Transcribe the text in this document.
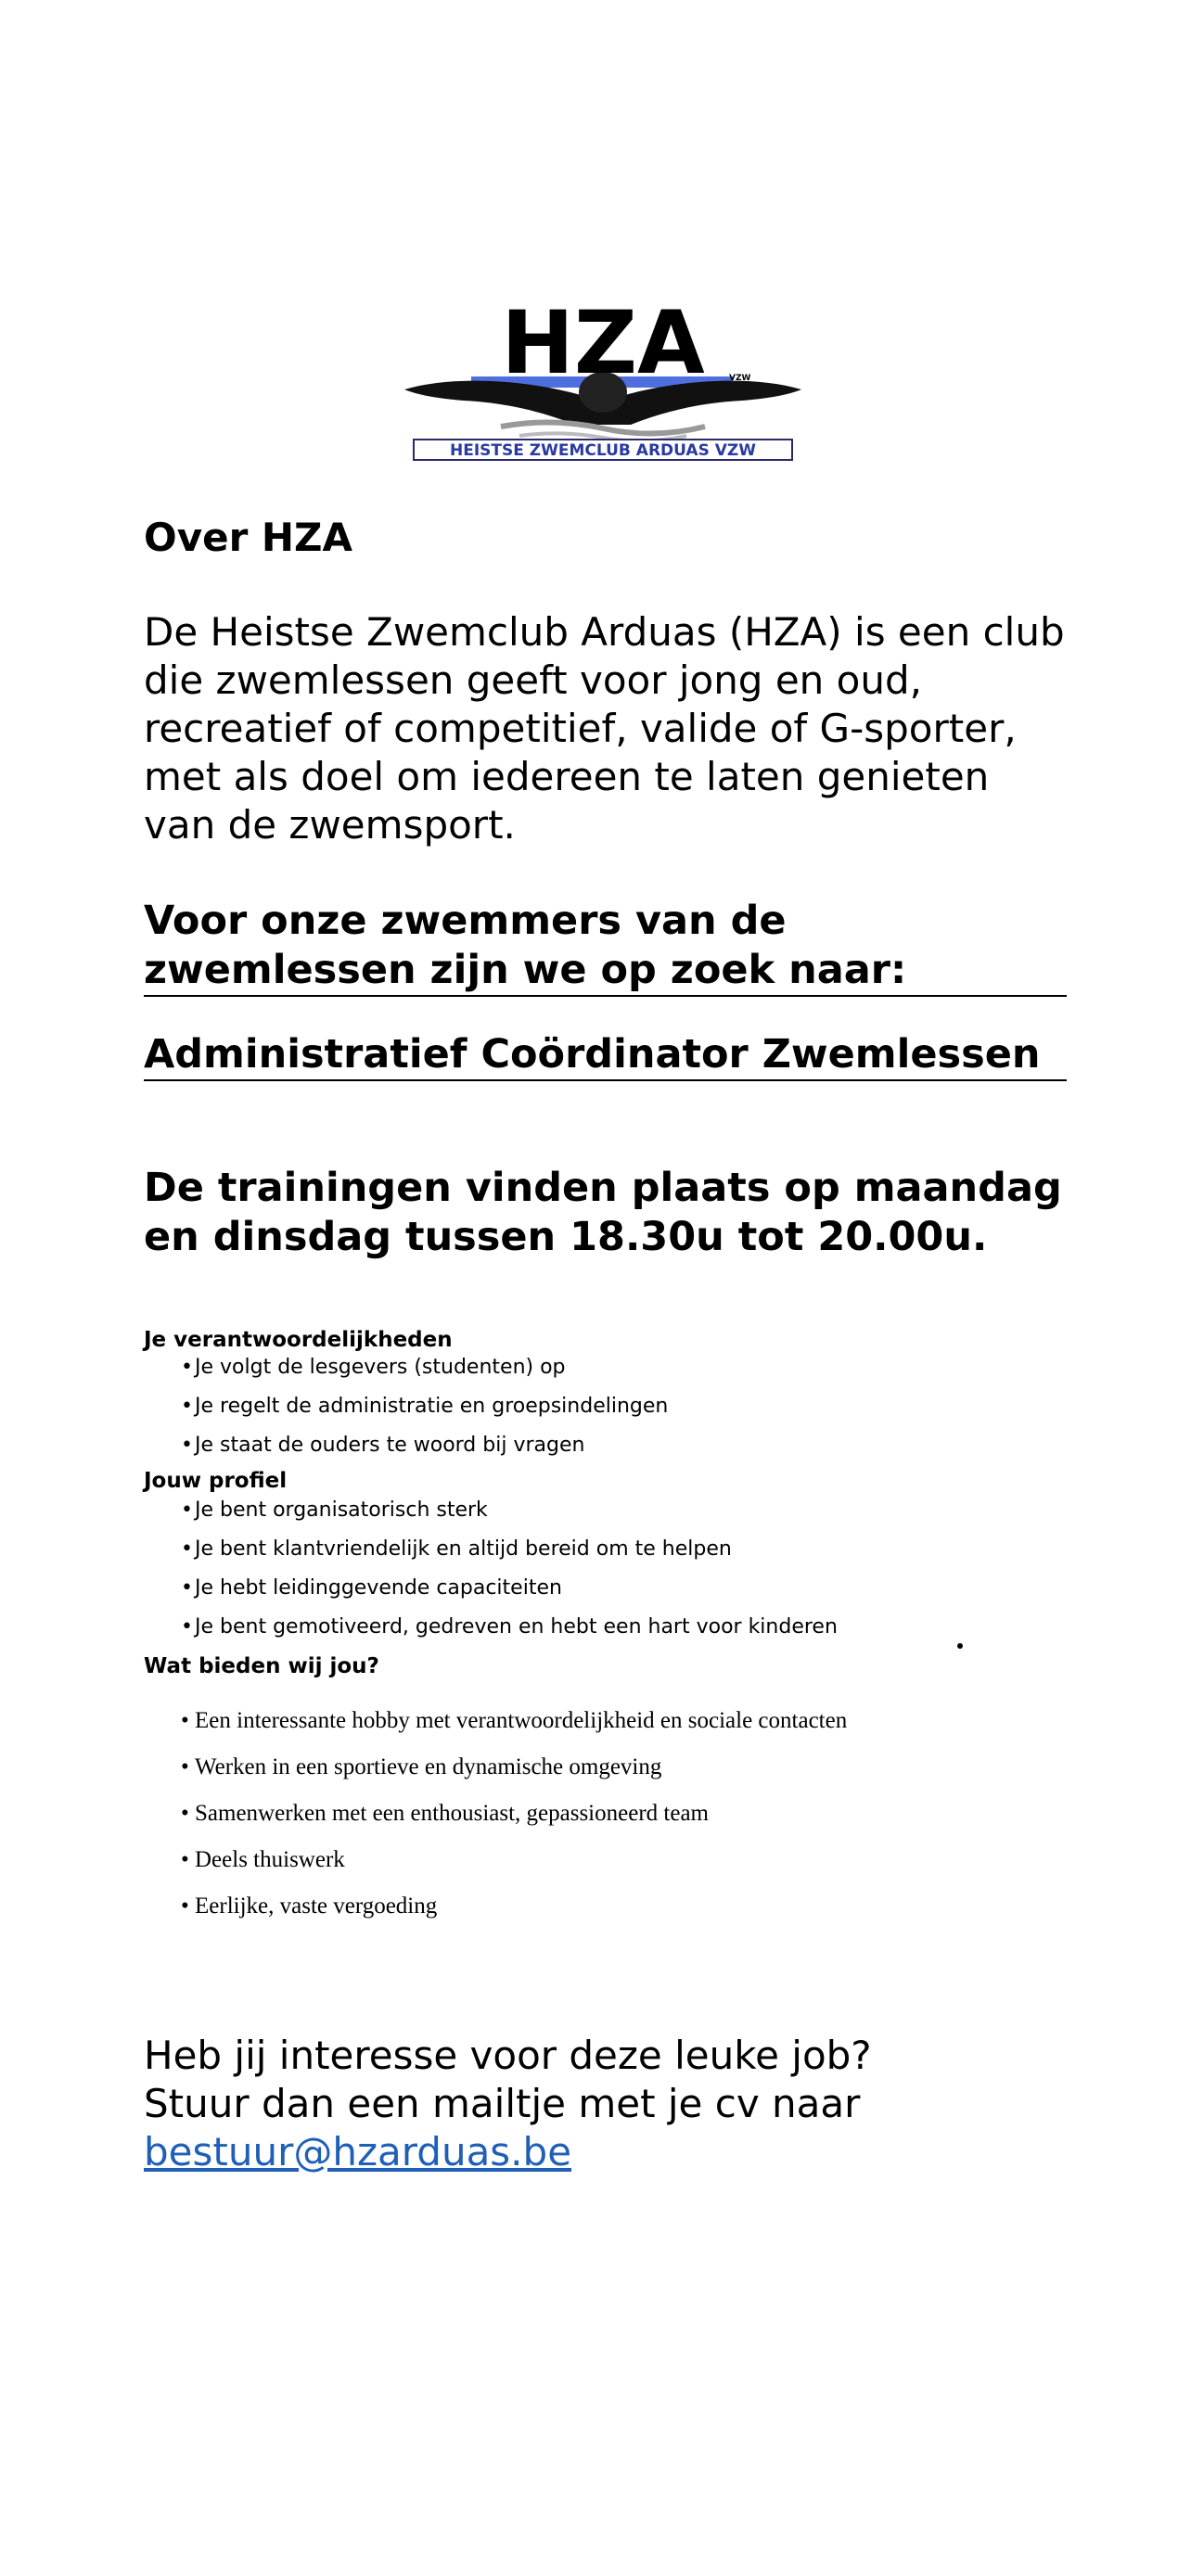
HZA	VZW
HEISTSE ZWEMCLUB ARDUAS VZW
Over HZA

De Heistse Zwemclub Arduas (HZA) is een club die zwemlessen geeft voor jong en oud, recreatief of competitief, valide of G-sporter, met als doel om iedereen te laten genieten van de zwemsport.

Voor onze zwemmers van de zwemlessen zijn we op zoek naar:
Administratief Coördinator Zwemlessen
De trainingen vinden plaats op maandag en dinsdag tussen 18.30u tot 20.00u.
Je verantwoordelijkheden
• Je volgt de lesgevers (studenten) op
• Je regelt de administratie en groepsindelingen
• Je staat de ouders te woord bij vragen
Jouw profiel
• Je bent organisatorisch sterk
• Je bent klantvriendelijk en altijd bereid om te helpen
• Je hebt leidinggevende capaciteiten
• Je bent gemotiveerd, gedreven en hebt een hart voor kinderen
Wat bieden wij jou?
• Een interessante hobby met verantwoordelijkheid en sociale contacten
• Werken in een sportieve en dynamische omgeving
• Samenwerken met een enthousiast, gepassioneerd team
• Deels thuiswerk
• Eerlijke, vaste vergoeding
Heb jij interesse voor deze leuke job?
Stuur dan een mailtje met je cv naar
bestuur@hzarduas.be
